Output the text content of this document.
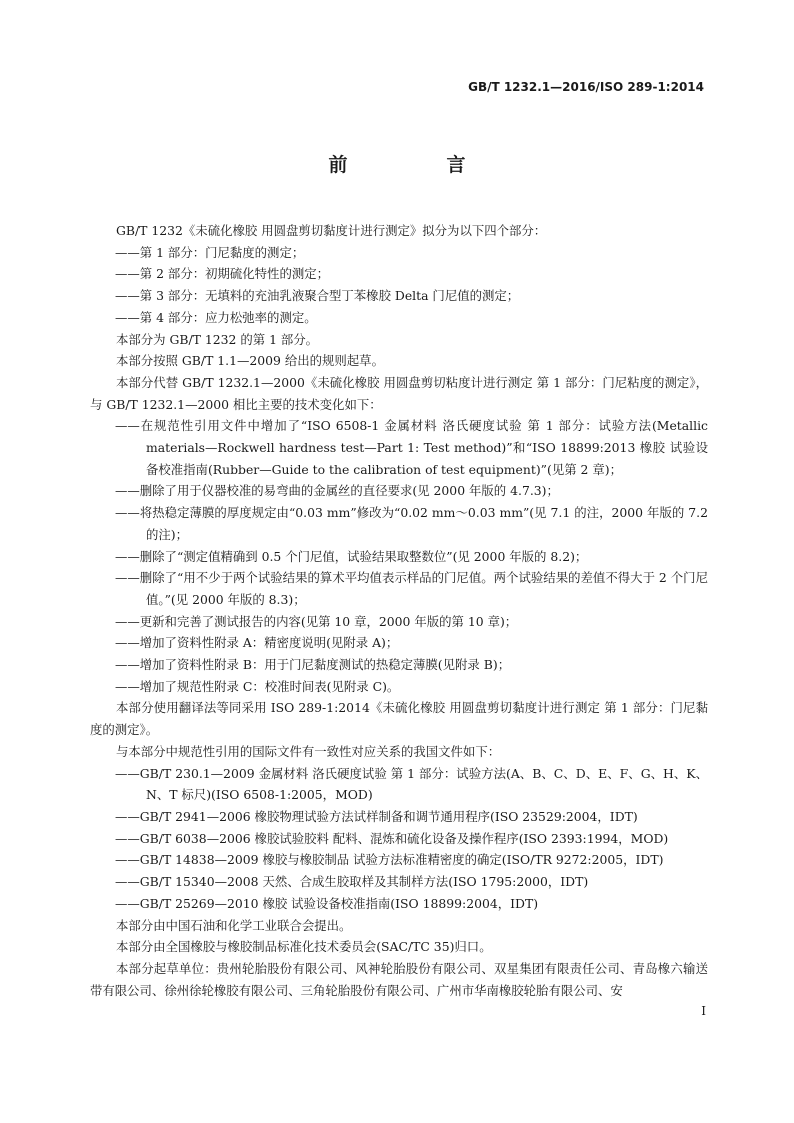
GB/T 1232.1—2016/ISO 289-1:2014
前　言
GB/T 1232《未硫化橡胶 用圆盘剪切黏度计进行测定》拟分为以下四个部分：
——第 1 部分：门尼黏度的测定；
——第 2 部分：初期硫化特性的测定；
——第 3 部分：无填料的充油乳液聚合型丁苯橡胶 Delta 门尼值的测定；
——第 4 部分：应力松弛率的测定。
本部分为 GB/T 1232 的第 1 部分。
本部分按照 GB/T 1.1—2009 给出的规则起草。
本部分代替 GB/T 1232.1—2000《未硫化橡胶 用圆盘剪切粘度计进行测定 第 1 部分：门尼粘度的测定》，与 GB/T 1232.1—2000 相比主要的技术变化如下：
——在规范性引用文件中增加了“ISO 6508-1 金属材料 洛氏硬度试验 第 1 部分：试验方法(Metallic materials—Rockwell hardness test—Part 1: Test method)”和“ISO 18899:2013 橡胶 试验设备校准指南(Rubber—Guide to the calibration of test equipment)”(见第 2 章)；
——删除了用于仪器校准的易弯曲的金属丝的直径要求(见 2000 年版的 4.7.3)；
——将热稳定薄膜的厚度规定由“0.03 mm”修改为“0.02 mm～0.03 mm”(见 7.1 的注，2000 年版的 7.2 的注)；
——删除了“测定值精确到 0.5 个门尼值，试验结果取整数位”(见 2000 年版的 8.2)；
——删除了“用不少于两个试验结果的算术平均值表示样品的门尼值。两个试验结果的差值不得大于 2 个门尼值。”(见 2000 年版的 8.3)；
——更新和完善了测试报告的内容(见第 10 章，2000 年版的第 10 章)；
——增加了资料性附录 A：精密度说明(见附录 A)；
——增加了资料性附录 B：用于门尼黏度测试的热稳定薄膜(见附录 B)；
——增加了规范性附录 C：校准时间表(见附录 C)。
本部分使用翻译法等同采用 ISO 289-1:2014《未硫化橡胶 用圆盘剪切黏度计进行测定 第 1 部分：门尼黏度的测定》。
与本部分中规范性引用的国际文件有一致性对应关系的我国文件如下：
——GB/T 230.1—2009 金属材料 洛氏硬度试验 第 1 部分：试验方法(A、B、C、D、E、F、G、H、K、N、T 标尺)(ISO 6508-1:2005，MOD)
——GB/T 2941—2006 橡胶物理试验方法试样制备和调节通用程序(ISO 23529:2004，IDT)
——GB/T 6038—2006 橡胶试验胶料 配料、混炼和硫化设备及操作程序(ISO 2393:1994，MOD)
——GB/T 14838—2009 橡胶与橡胶制品 试验方法标准精密度的确定(ISO/TR 9272:2005，IDT)
——GB/T 15340—2008 天然、合成生胶取样及其制样方法(ISO 1795:2000，IDT)
——GB/T 25269—2010 橡胶 试验设备校准指南(ISO 18899:2004，IDT)
本部分由中国石油和化学工业联合会提出。
本部分由全国橡胶与橡胶制品标准化技术委员会(SAC/TC 35)归口。
本部分起草单位：贵州轮胎股份有限公司、风神轮胎股份有限公司、双星集团有限责任公司、青岛橡六输送带有限公司、徐州徐轮橡胶有限公司、三角轮胎股份有限公司、广州市华南橡胶轮胎有限公司、安
I
